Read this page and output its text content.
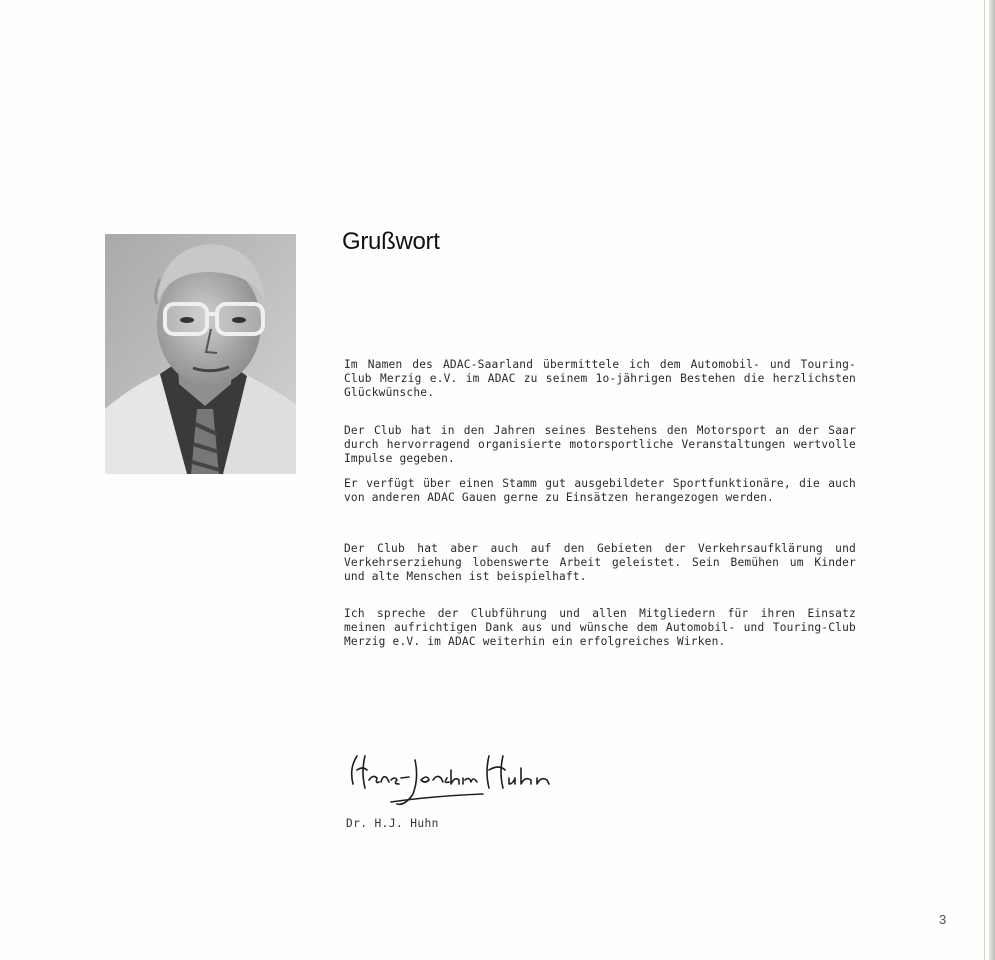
Grußwort

Im Namen des ADAC-Saarland übermittele ich dem Automobil- und Touring-Club Merzig e.V. im ADAC zu seinem 1o-jährigen Bestehen die herzlichsten Glückwünsche.

Der Club hat in den Jahren seines Bestehens den Motorsport an der Saar durch hervorragend organisierte motorsportliche Veranstaltungen wertvolle Impulse gegeben.

Er verfügt über einen Stamm gut ausgebildeter Sportfunktionäre, die auch von anderen ADAC Gauen gerne zu Einsätzen herangezogen werden.

Der Club hat aber auch auf den Gebieten der Verkehrsaufklärung und Verkehrserziehung lobenswerte Arbeit geleistet. Sein Bemühen um Kinder und alte Menschen ist beispielhaft.

Ich spreche der Clubführung und allen Mitgliedern für ihren Einsatz meinen aufrichtigen Dank aus und wünsche dem Automobil- und Touring-Club Merzig e.V. im ADAC weiterhin ein erfolgreiches Wirken.

Dr. H.J. Huhn
3
